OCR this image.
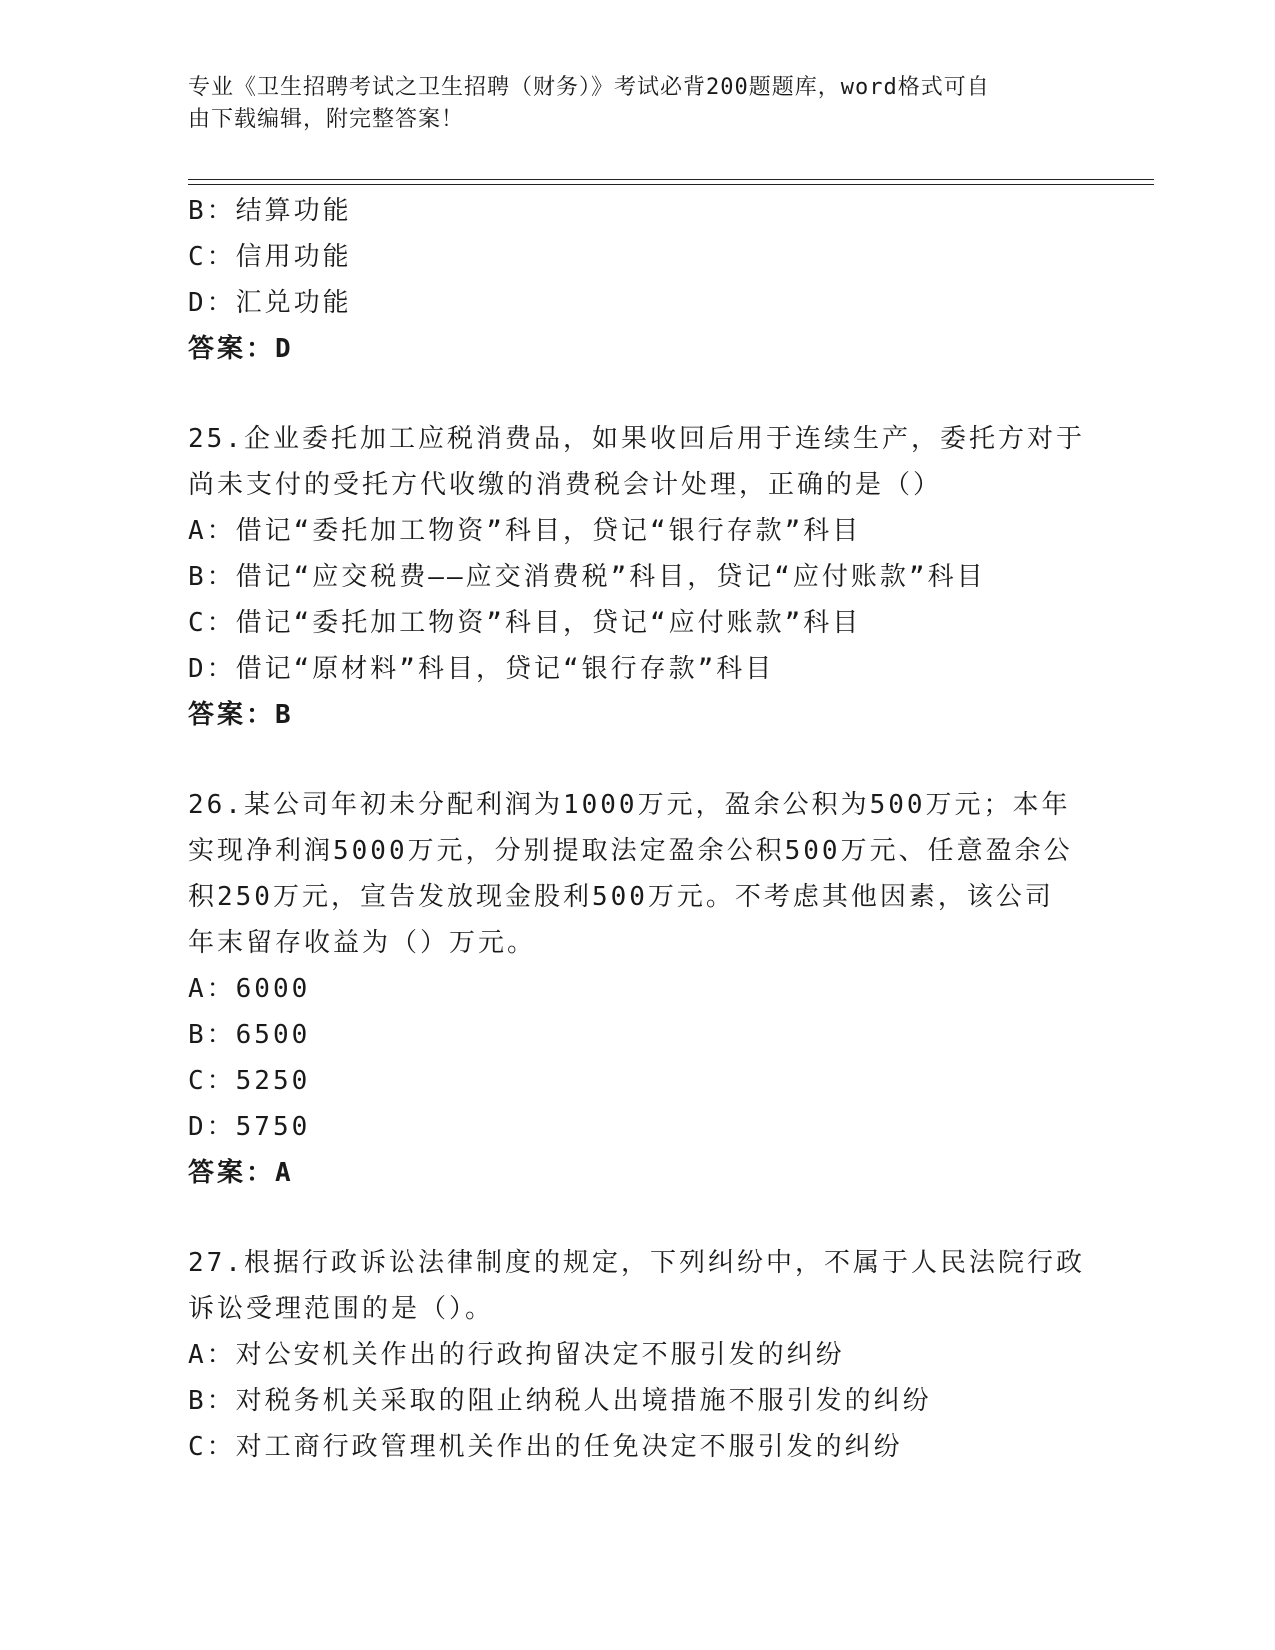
专业《卫生招聘考试之卫生招聘（财务）》考试必背200题题库，word格式可自
由下载编辑，附完整答案！
B：结算功能
C：信用功能
D：汇兑功能
答案：D
25.企业委托加工应税消费品，如果收回后用于连续生产，委托方对于
尚未支付的受托方代收缴的消费税会计处理，正确的是（）
A：借记“委托加工物资”科目，贷记“银行存款”科目
B：借记“应交税费——应交消费税”科目，贷记“应付账款”科目
C：借记“委托加工物资”科目，贷记“应付账款”科目
D：借记“原材料”科目，贷记“银行存款”科目
答案：B
26.某公司年初未分配利润为1000万元，盈余公积为500万元；本年
实现净利润5000万元，分别提取法定盈余公积500万元、任意盈余公
积250万元，宣告发放现金股利500万元。不考虑其他因素，该公司
年末留存收益为（）万元。
A：6000
B：6500
C：5250
D：5750
答案：A
27.根据行政诉讼法律制度的规定，下列纠纷中，不属于人民法院行政
诉讼受理范围的是（）。
A：对公安机关作出的行政拘留决定不服引发的纠纷
B：对税务机关采取的阻止纳税人出境措施不服引发的纠纷
C：对工商行政管理机关作出的任免决定不服引发的纠纷
